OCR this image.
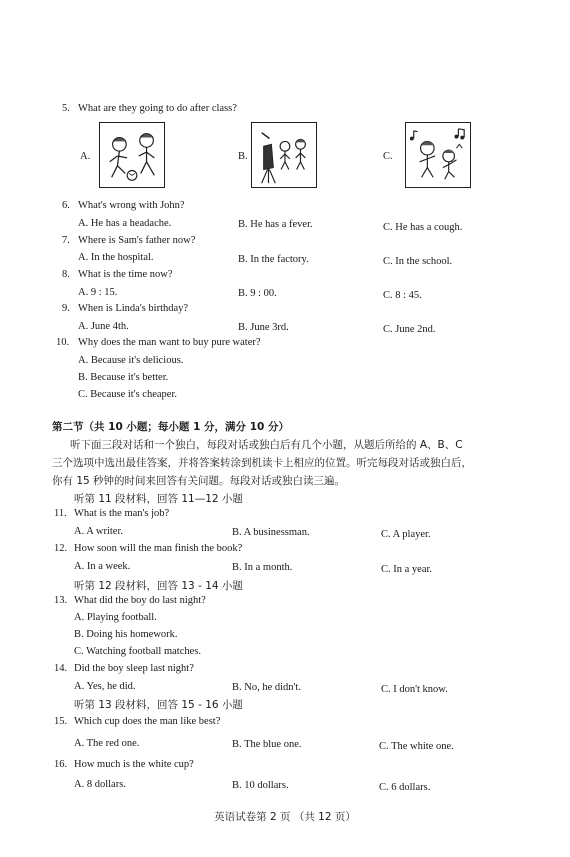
5. What are they going to do after class?
A.	B.	C.
6. What's wrong with John?
A. He has a headache.	B. He has a fever.	C. He has a cough.
7. Where is Sam's father now?
A. In the hospital.	B. In the factory.	C. In the school.
8. What is the time now?
A. 9 : 15.	B. 9 : 00.	C. 8 : 45.
9. When is Linda's birthday?
A. June 4th.	B. June 3rd.	C. June 2nd.
10. Why does the man want to buy pure water?
A. Because it's delicious.
B. Because it's better.
C. Because it's cheaper.
第二节（共 10 小题；每小题 1 分，满分 10 分）
听下面三段对话和一个独白，每段对话或独白后有几个小题，从题后所给的 A、B、C
三个选项中选出最佳答案，并将答案转涂到机读卡上相应的位置。听完每段对话或独白后，
你有 15 秒钟的时间来回答有关问题。每段对话或独白读三遍。
听第 11 段材料，回答 11—12 小题
11. What is the man's job?
A. A writer.	B. A businessman.	C. A player.
12. How soon will the man finish the book?
A. In a week.	B. In a month.	C. In a year.
听第 12 段材料，回答 13 - 14 小题
13. What did the boy do last night?
A. Playing football.
B. Doing his homework.
C. Watching football matches.
14. Did the boy sleep last night?
A. Yes, he did.	B. No, he didn't.	C. I don't know.
听第 13 段材料，回答 15 - 16 小题
15. Which cup does the man like best?
A. The red one.	B. The blue one.	C. The white one.
16. How much is the white cup?
A. 8 dollars.	B. 10 dollars.	C. 6 dollars.
英语试卷第 2 页 （共 12 页）
